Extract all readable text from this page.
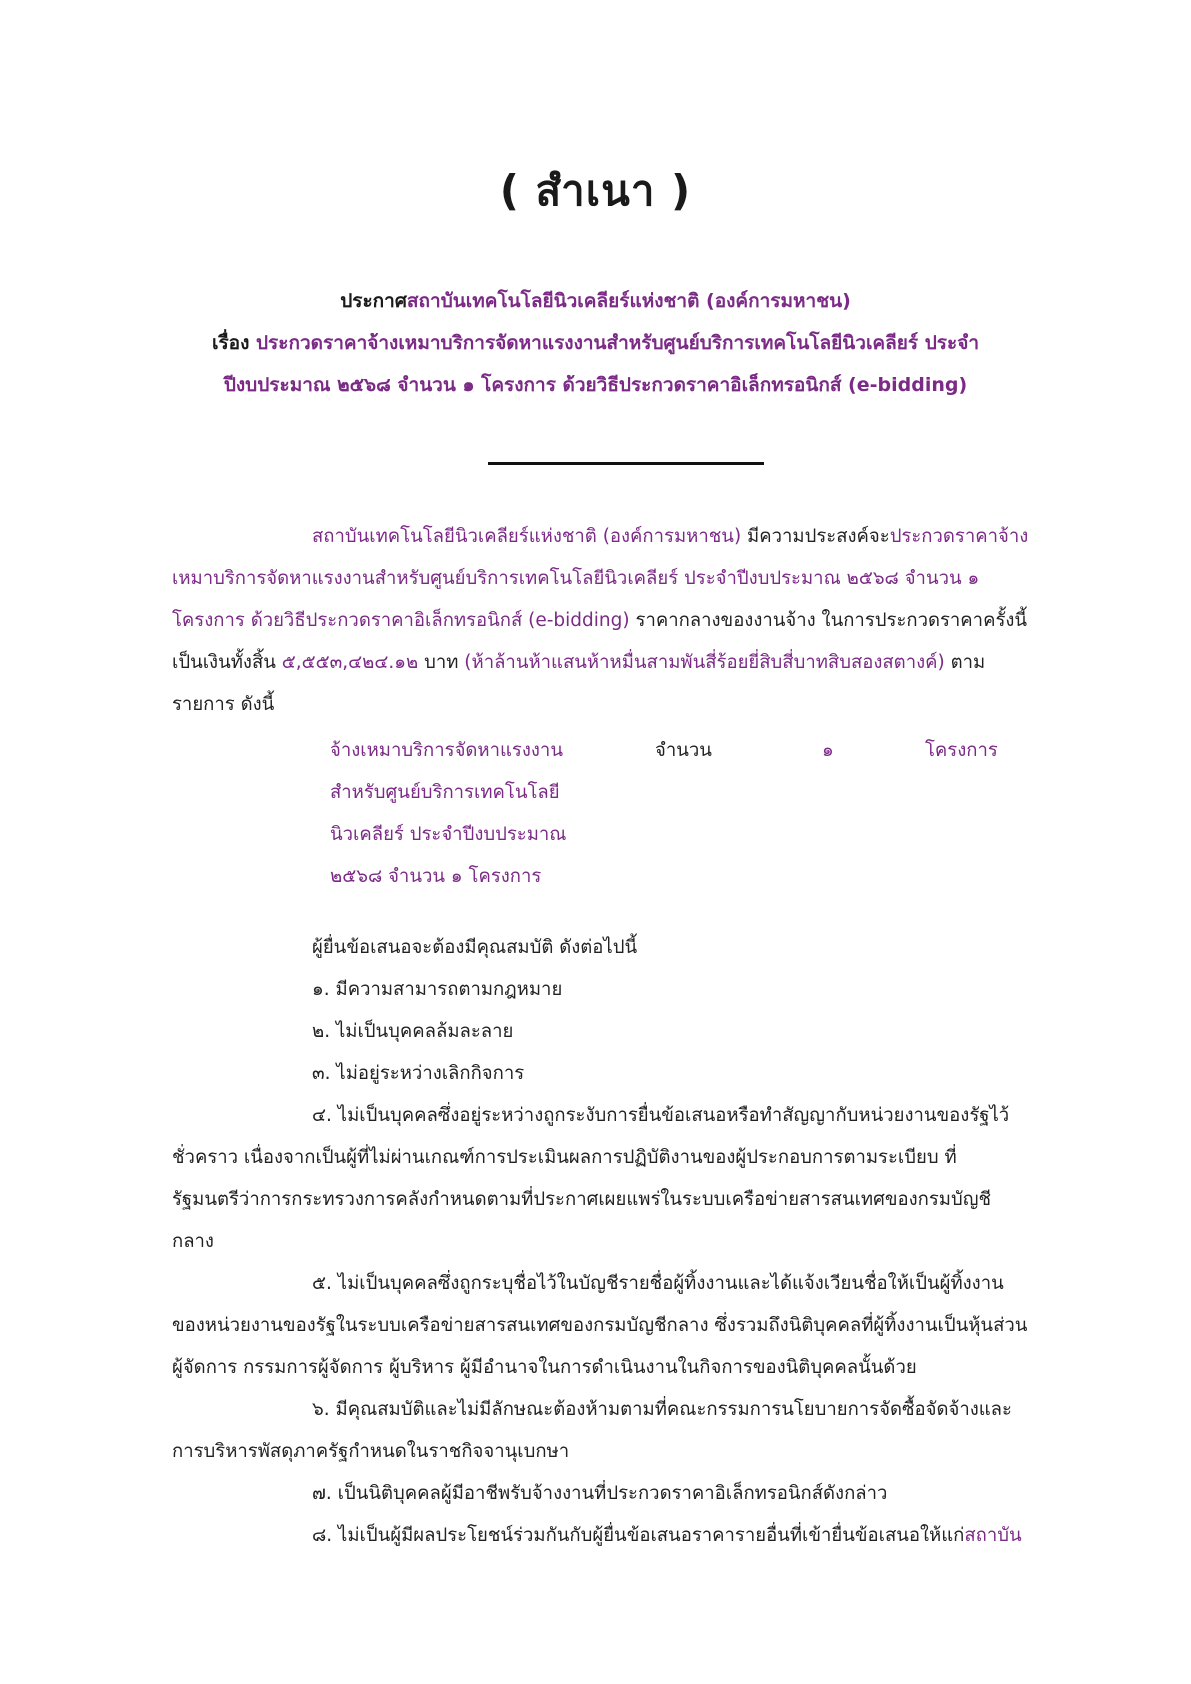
( สำเนา )
ประกาศสถาบันเทคโนโลยีนิวเคลียร์แห่งชาติ (องค์การมหาชน)
เรื่อง ประกวดราคาจ้างเหมาบริการจัดหาแรงงานสำหรับศูนย์บริการเทคโนโลยีนิวเคลียร์ ประจำ
ปีงบประมาณ ๒๕๖๘ จำนวน ๑ โครงการ ด้วยวิธีประกวดราคาอิเล็กทรอนิกส์ (e-bidding)
สถาบันเทคโนโลยีนิวเคลียร์แห่งชาติ (องค์การมหาชน) มีความประสงค์จะประกวดราคาจ้าง
เหมาบริการจัดหาแรงงานสำหรับศูนย์บริการเทคโนโลยีนิวเคลียร์ ประจำปีงบประมาณ ๒๕๖๘ จำนวน ๑
โครงการ ด้วยวิธีประกวดราคาอิเล็กทรอนิกส์ (e-bidding) ราคากลางของงานจ้าง ในการประกวดราคาครั้งนี้
เป็นเงินทั้งสิ้น ๕,๕๕๓,๔๒๔.๑๒ บาท (ห้าล้านห้าแสนห้าหมื่นสามพันสี่ร้อยยี่สิบสี่บาทสิบสองสตางค์) ตาม
รายการ ดังนี้
จ้างเหมาบริการจัดหาแรงงาน
สำหรับศูนย์บริการเทคโนโลยี
นิวเคลียร์ ประจำปีงบประมาณ
๒๕๖๘ จำนวน ๑ โครงการ
จำนวน	๑	โครงการ
ผู้ยื่นข้อเสนอจะต้องมีคุณสมบัติ ดังต่อไปนี้
๑. มีความสามารถตามกฎหมาย
๒. ไม่เป็นบุคคลล้มละลาย
๓. ไม่อยู่ระหว่างเลิกกิจการ
๔. ไม่เป็นบุคคลซึ่งอยู่ระหว่างถูกระงับการยื่นข้อเสนอหรือทำสัญญากับหน่วยงานของรัฐไว้
ชั่วคราว เนื่องจากเป็นผู้ที่ไม่ผ่านเกณฑ์การประเมินผลการปฏิบัติงานของผู้ประกอบการตามระเบียบ ที่
รัฐมนตรีว่าการกระทรวงการคลังกำหนดตามที่ประกาศเผยแพร่ในระบบเครือข่ายสารสนเทศของกรมบัญชี
กลาง
๕. ไม่เป็นบุคคลซึ่งถูกระบุชื่อไว้ในบัญชีรายชื่อผู้ทิ้งงานและได้แจ้งเวียนชื่อให้เป็นผู้ทิ้งงาน
ของหน่วยงานของรัฐในระบบเครือข่ายสารสนเทศของกรมบัญชีกลาง ซึ่งรวมถึงนิติบุคคลที่ผู้ทิ้งงานเป็นหุ้นส่วน
ผู้จัดการ กรรมการผู้จัดการ ผู้บริหาร ผู้มีอำนาจในการดำเนินงานในกิจการของนิติบุคคลนั้นด้วย
๖. มีคุณสมบัติและไม่มีลักษณะต้องห้ามตามที่คณะกรรมการนโยบายการจัดซื้อจัดจ้างและ
การบริหารพัสดุภาครัฐกำหนดในราชกิจจานุเบกษา
๗. เป็นนิติบุคคลผู้มีอาชีพรับจ้างงานที่ประกวดราคาอิเล็กทรอนิกส์ดังกล่าว
๘. ไม่เป็นผู้มีผลประโยชน์ร่วมกันกับผู้ยื่นข้อเสนอราคารายอื่นที่เข้ายื่นข้อเสนอให้แก่สถาบัน
